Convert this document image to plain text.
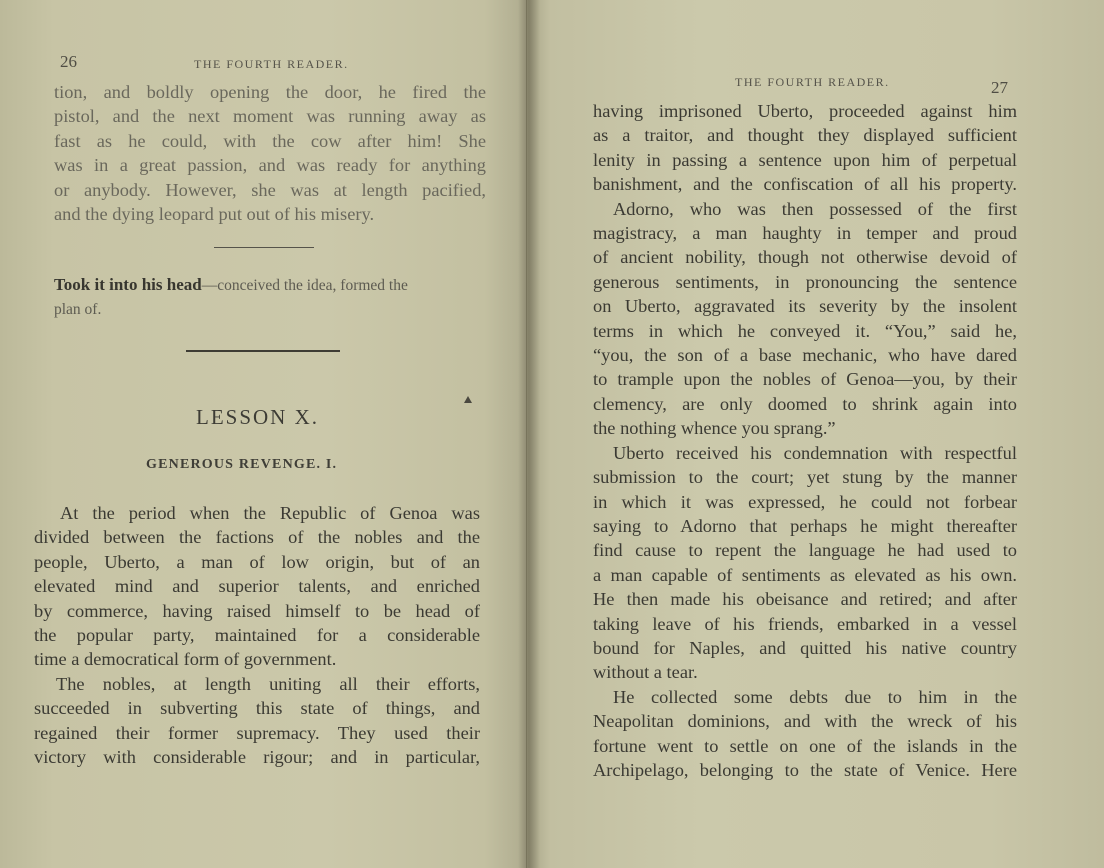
26	THE FOURTH READER.
tion, and boldly opening the door, he fired the
pistol, and the next moment was running away as
fast as he could, with the cow after him! She
was in a great passion, and was ready for anything
or anybody. However, she was at length pacified,
and the dying leopard put out of his misery.
Took it into his head—conceived the idea, formed the
plan of.
LESSON X.
GENEROUS REVENGE. I.
At the period when the Republic of Genoa was
divided between the factions of the nobles and the
people, Uberto, a man of low origin, but of an
elevated mind and superior talents, and enriched
by commerce, having raised himself to be head of
the popular party, maintained for a considerable
time a democratical form of government.
The nobles, at length uniting all their efforts,
succeeded in subverting this state of things, and
regained their former supremacy. They used their
victory with considerable rigour; and in particular,
THE FOURTH READER.	27
having imprisoned Uberto, proceeded against him
as a traitor, and thought they displayed sufficient
lenity in passing a sentence upon him of perpetual
banishment, and the confiscation of all his property.
Adorno, who was then possessed of the first
magistracy, a man haughty in temper and proud
of ancient nobility, though not otherwise devoid of
generous sentiments, in pronouncing the sentence
on Uberto, aggravated its severity by the insolent
terms in which he conveyed it. “You,” said he,
“you, the son of a base mechanic, who have dared
to trample upon the nobles of Genoa—you, by their
clemency, are only doomed to shrink again into
the nothing whence you sprang.”
Uberto received his condemnation with respectful
submission to the court; yet stung by the manner
in which it was expressed, he could not forbear
saying to Adorno that perhaps he might thereafter
find cause to repent the language he had used to
a man capable of sentiments as elevated as his own.
He then made his obeisance and retired; and after
taking leave of his friends, embarked in a vessel
bound for Naples, and quitted his native country
without a tear.
He collected some debts due to him in the
Neapolitan dominions, and with the wreck of his
fortune went to settle on one of the islands in the
Archipelago, belonging to the state of Venice. Here
